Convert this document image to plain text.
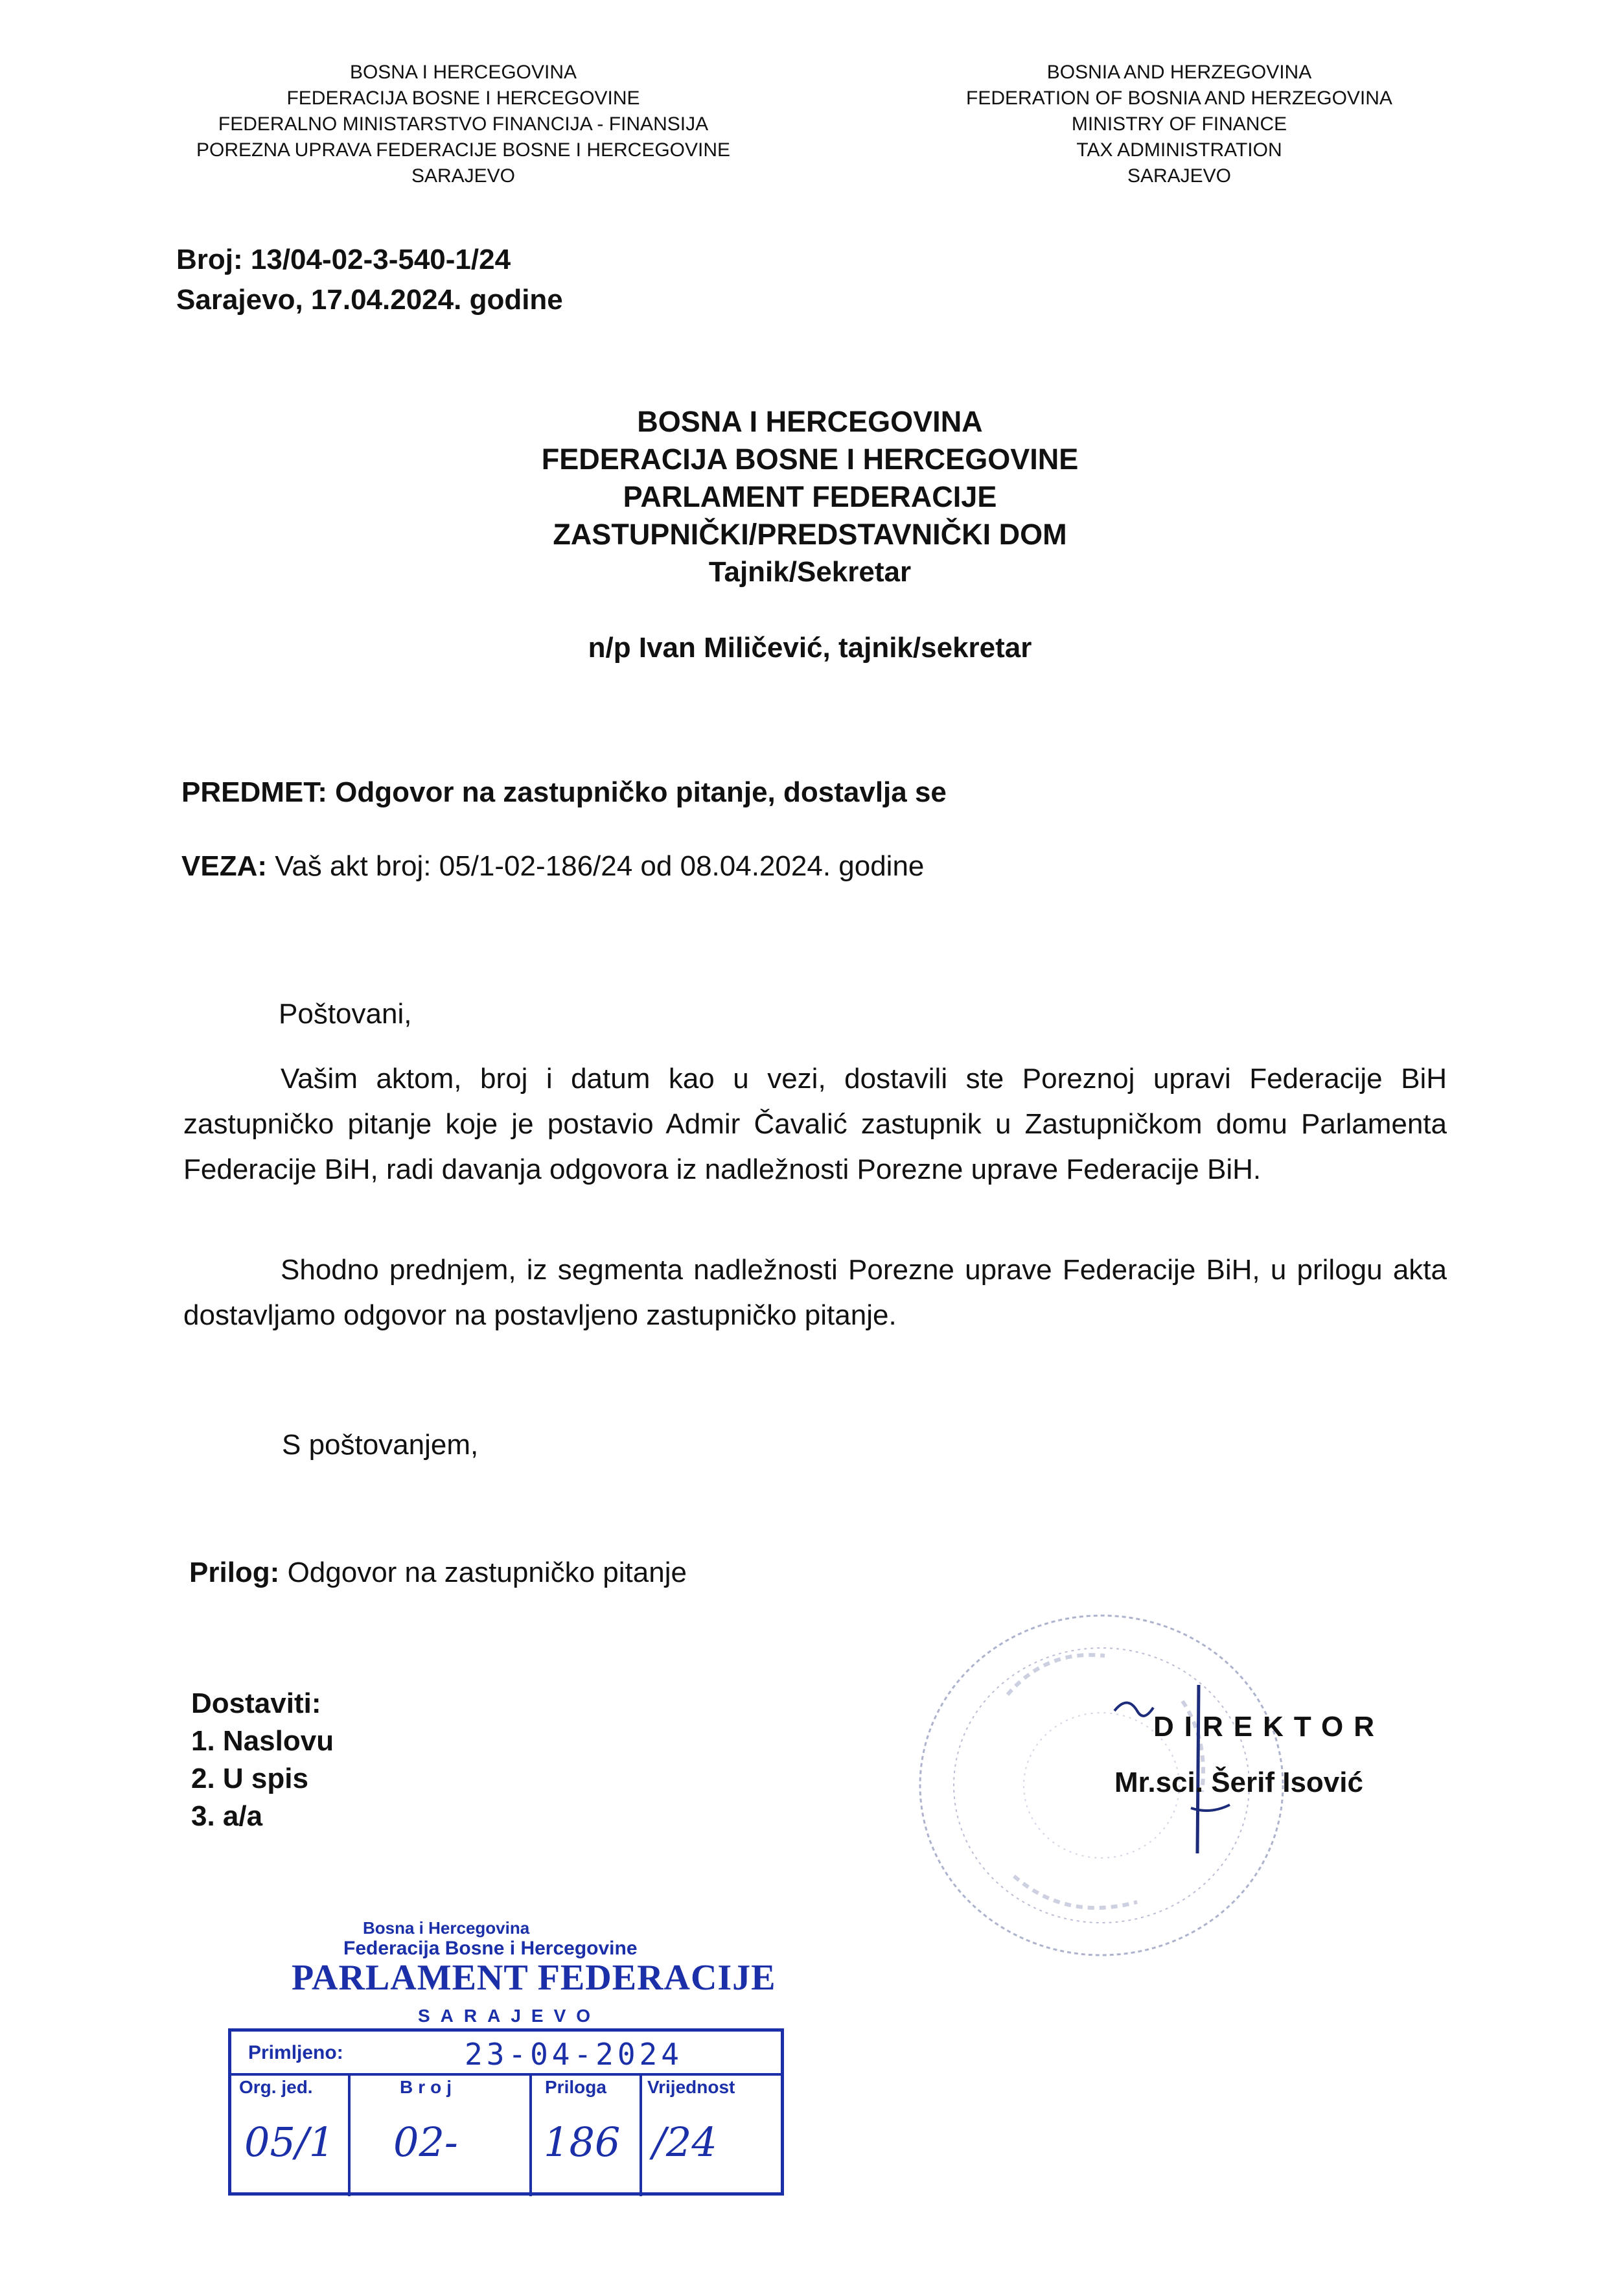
BOSNA I HERCEGOVINA
FEDERACIJA BOSNE I HERCEGOVINE
FEDERALNO MINISTARSTVO FINANCIJA - FINANSIJA
POREZNA UPRAVA FEDERACIJE BOSNE I HERCEGOVINE
SARAJEVO
BOSNIA AND HERZEGOVINA
FEDERATION OF BOSNIA AND HERZEGOVINA
MINISTRY OF FINANCE
TAX ADMINISTRATION
SARAJEVO
Broj: 13/04-02-3-540-1/24
Sarajevo, 17.04.2024. godine
BOSNA I HERCEGOVINA
FEDERACIJA BOSNE I HERCEGOVINE
PARLAMENT FEDERACIJE
ZASTUPNIČKI/PREDSTAVNIČKI DOM
Tajnik/Sekretar
n/p Ivan Miličević, tajnik/sekretar
PREDMET: Odgovor na zastupničko pitanje, dostavlja se
VEZA: Vaš akt broj: 05/1-02-186/24 od 08.04.2024. godine
Poštovani,
Vašim aktom, broj i datum kao u vezi, dostavili ste Poreznoj upravi Federacije BiH zastupničko pitanje koje je postavio Admir Čavalić zastupnik u Zastupničkom domu Parlamenta Federacije BiH, radi davanja odgovora iz nadležnosti Porezne uprave Federacije BiH.
Shodno prednjem, iz segmenta nadležnosti Porezne uprave Federacije BiH, u prilogu akta dostavljamo odgovor na postavljeno zastupničko pitanje.
S poštovanjem,
Prilog: Odgovor na zastupničko pitanje
Dostaviti:
1. Naslovu
2. U spis
3. a/a
DIREKTOR
Mr.sci. Šerif Isović
Bosna i Hercegovina
Federacija Bosne i Hercegovine
PARLAMENT FEDERACIJE
SARAJEVO
Primljeno:	23-04-2024
Org. jed.
05/1
Broj
02-
Priloga
186
Vrijednost
/24
